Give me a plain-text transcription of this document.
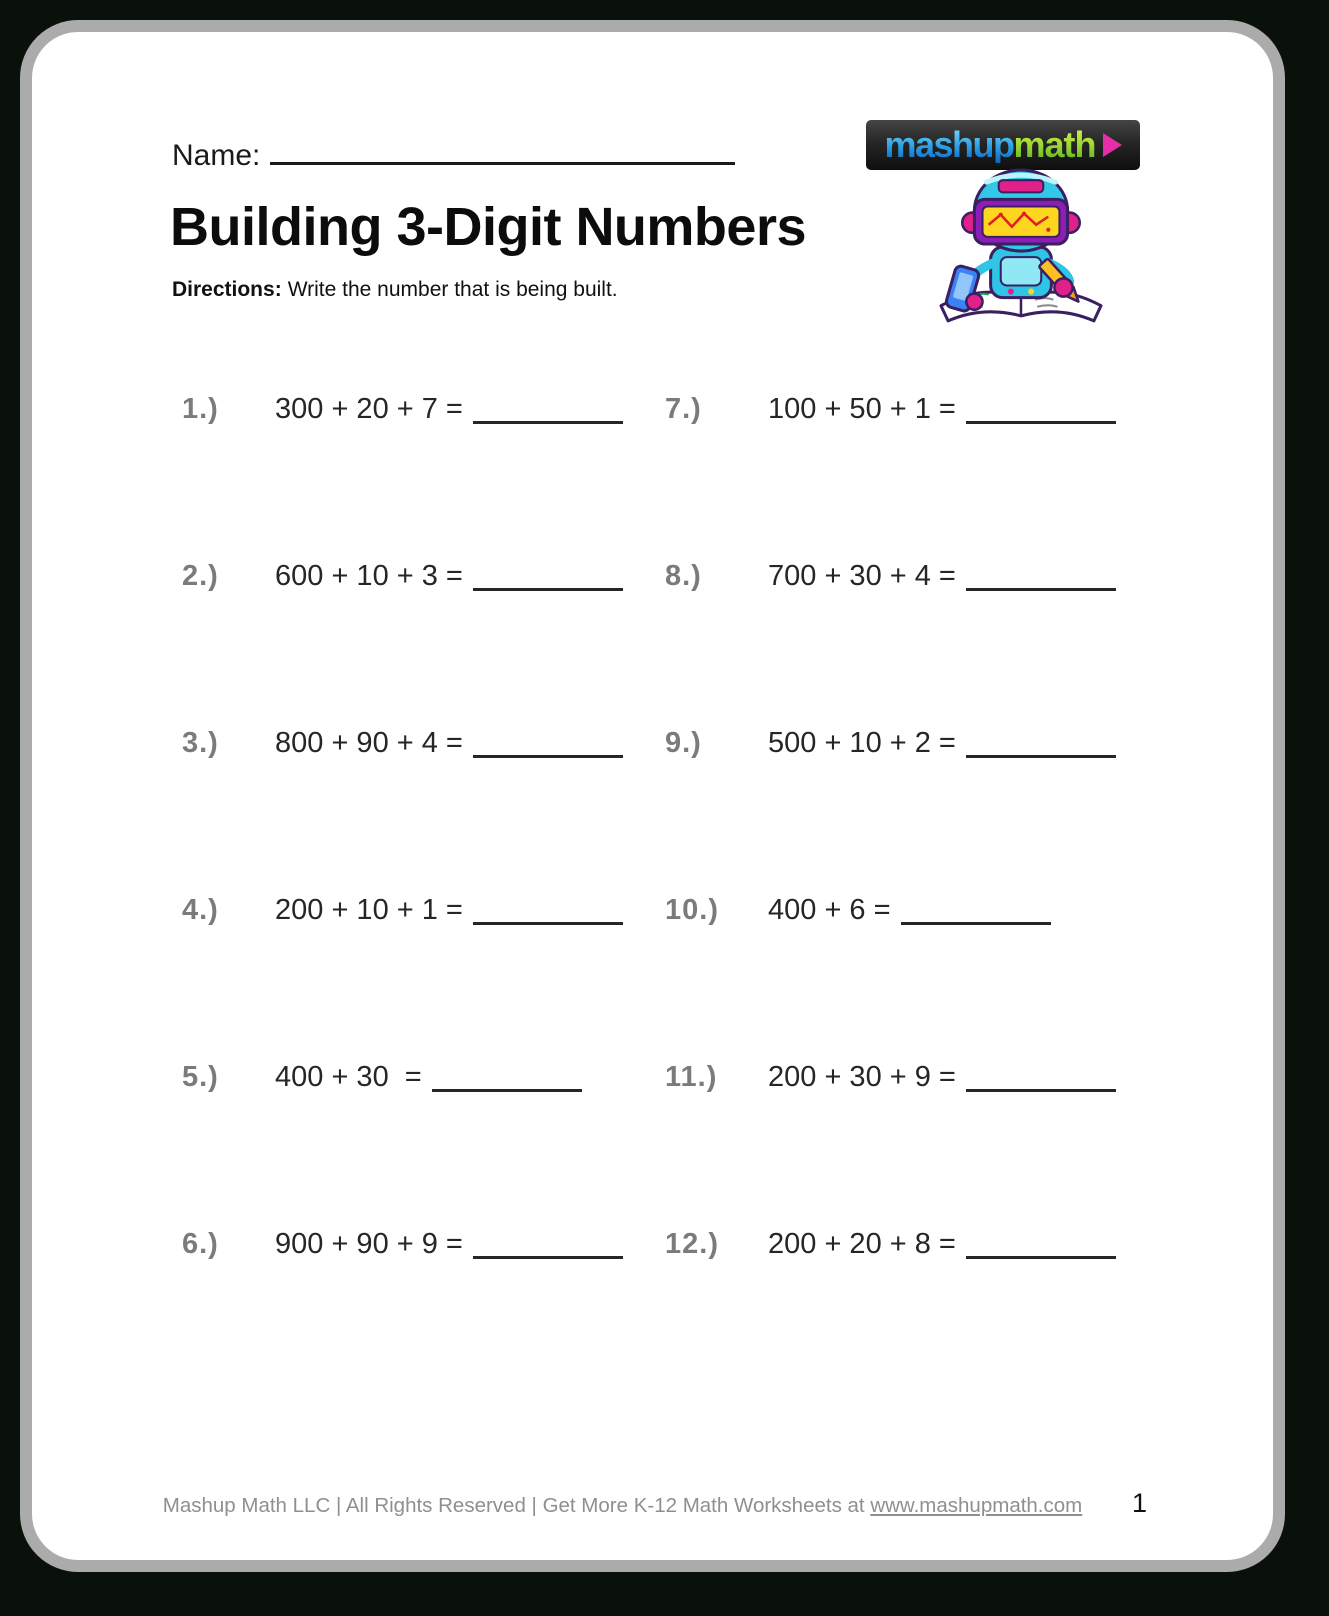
Name:	mashup math
Building 3-Digit Numbers

Directions: Write the number that is being built.

1.)	300 + 20 + 7 =
2.)	600 + 10 + 3 =
3.)	800 + 90 + 4 =
4.)	200 + 10 + 1 =
5.)	400 + 30  =
6.)	900 + 90 + 9 =
7.)	100 + 50 + 1 =
8.)	700 + 30 + 4 =
9.)	500 + 10 + 2 =
10.)	400 + 6 =
11.)	200 + 30 + 9 =
12.)	200 + 20 + 8 =
Mashup Math LLC | All Rights Reserved | Get More K-12 Math Worksheets at www.mashupmath.com	1
